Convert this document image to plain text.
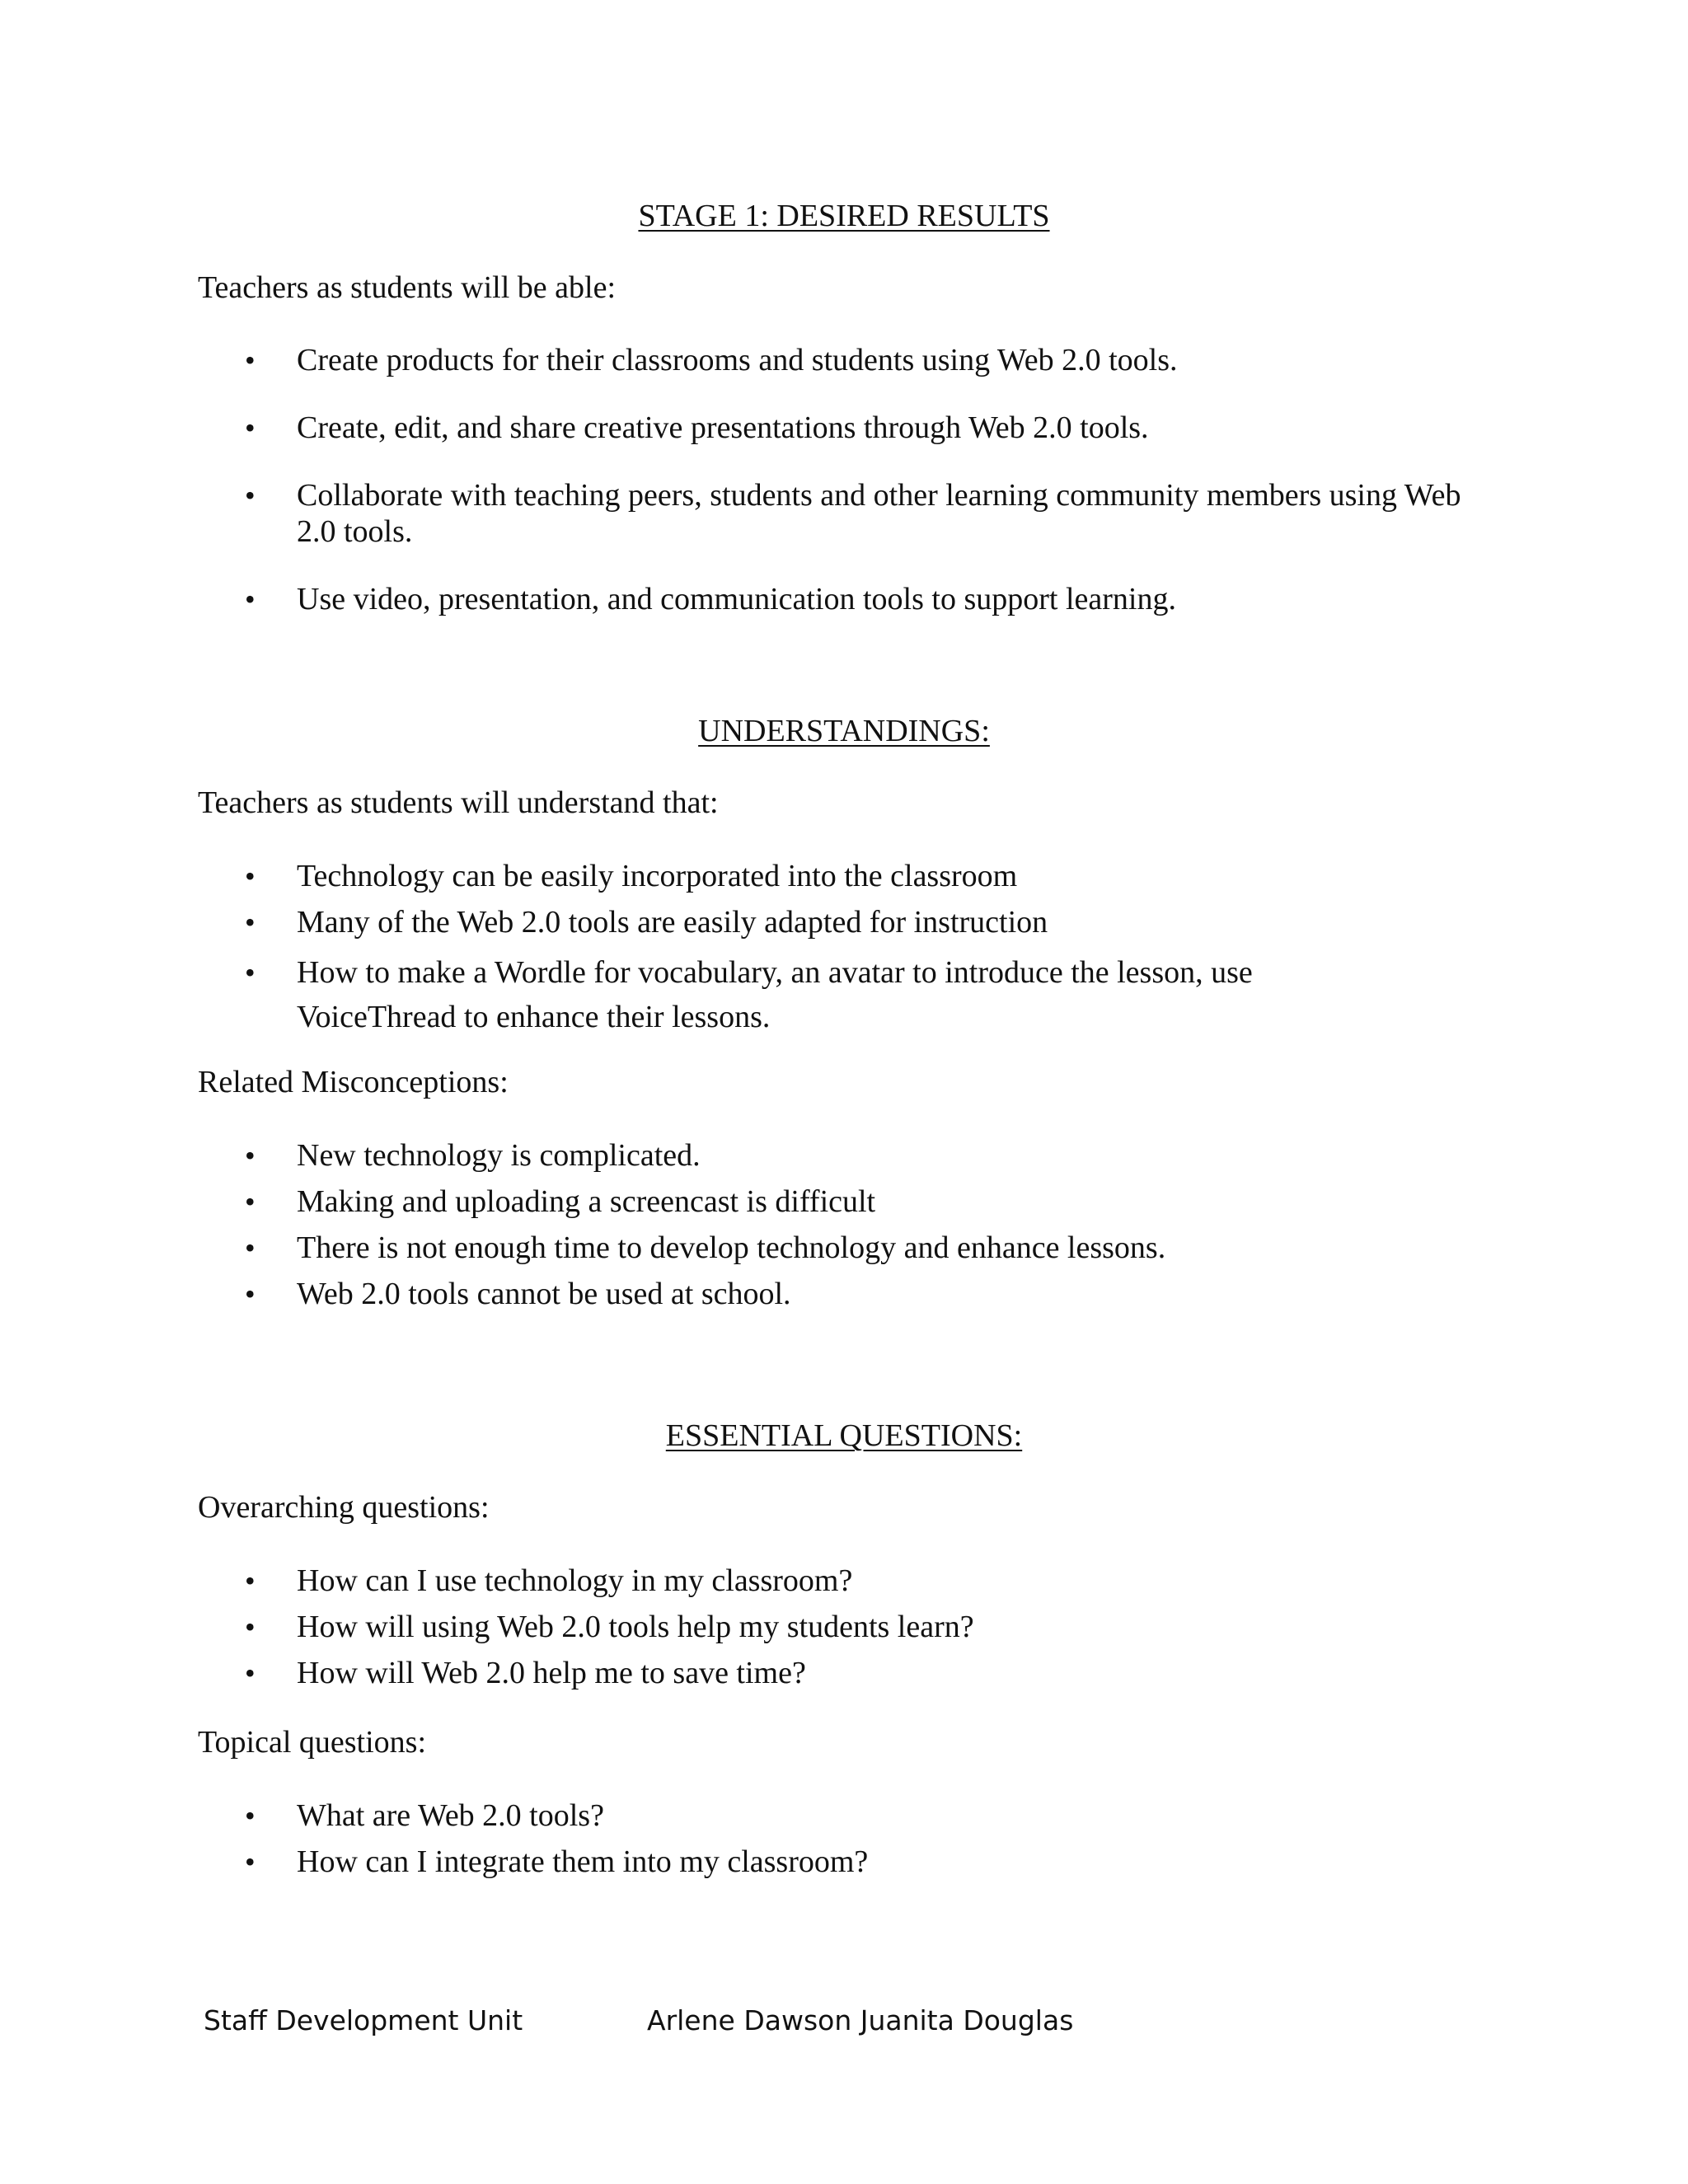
STAGE 1: DESIRED RESULTS

Teachers as students will be able:

• Create products for their classrooms and students using Web 2.0 tools.
• Create, edit, and share creative presentations through Web 2.0 tools.
• Collaborate with teaching peers, students and other learning community members using Web 2.0 tools.
• Use video, presentation, and communication tools to support learning.
UNDERSTANDINGS:

Teachers as students will understand that:

• Technology can be easily incorporated into the classroom
• Many of the Web 2.0 tools are easily adapted for instruction
• How to make a Wordle for vocabulary, an avatar to introduce the lesson, use VoiceThread to enhance their lessons.

Related Misconceptions:

• New technology is complicated.
• Making and uploading a screencast is difficult
• There is not enough time to develop technology and enhance lessons.
• Web 2.0 tools cannot be used at school.
ESSENTIAL QUESTIONS:

Overarching questions:

• How can I use technology in my classroom?
• How will using Web 2.0 tools help my students learn?
• How will Web 2.0 help me to save time?

Topical questions:

• What are Web 2.0 tools?
• How can I integrate them into my classroom?
Staff Development Unit	Arlene Dawson Juanita Douglas
